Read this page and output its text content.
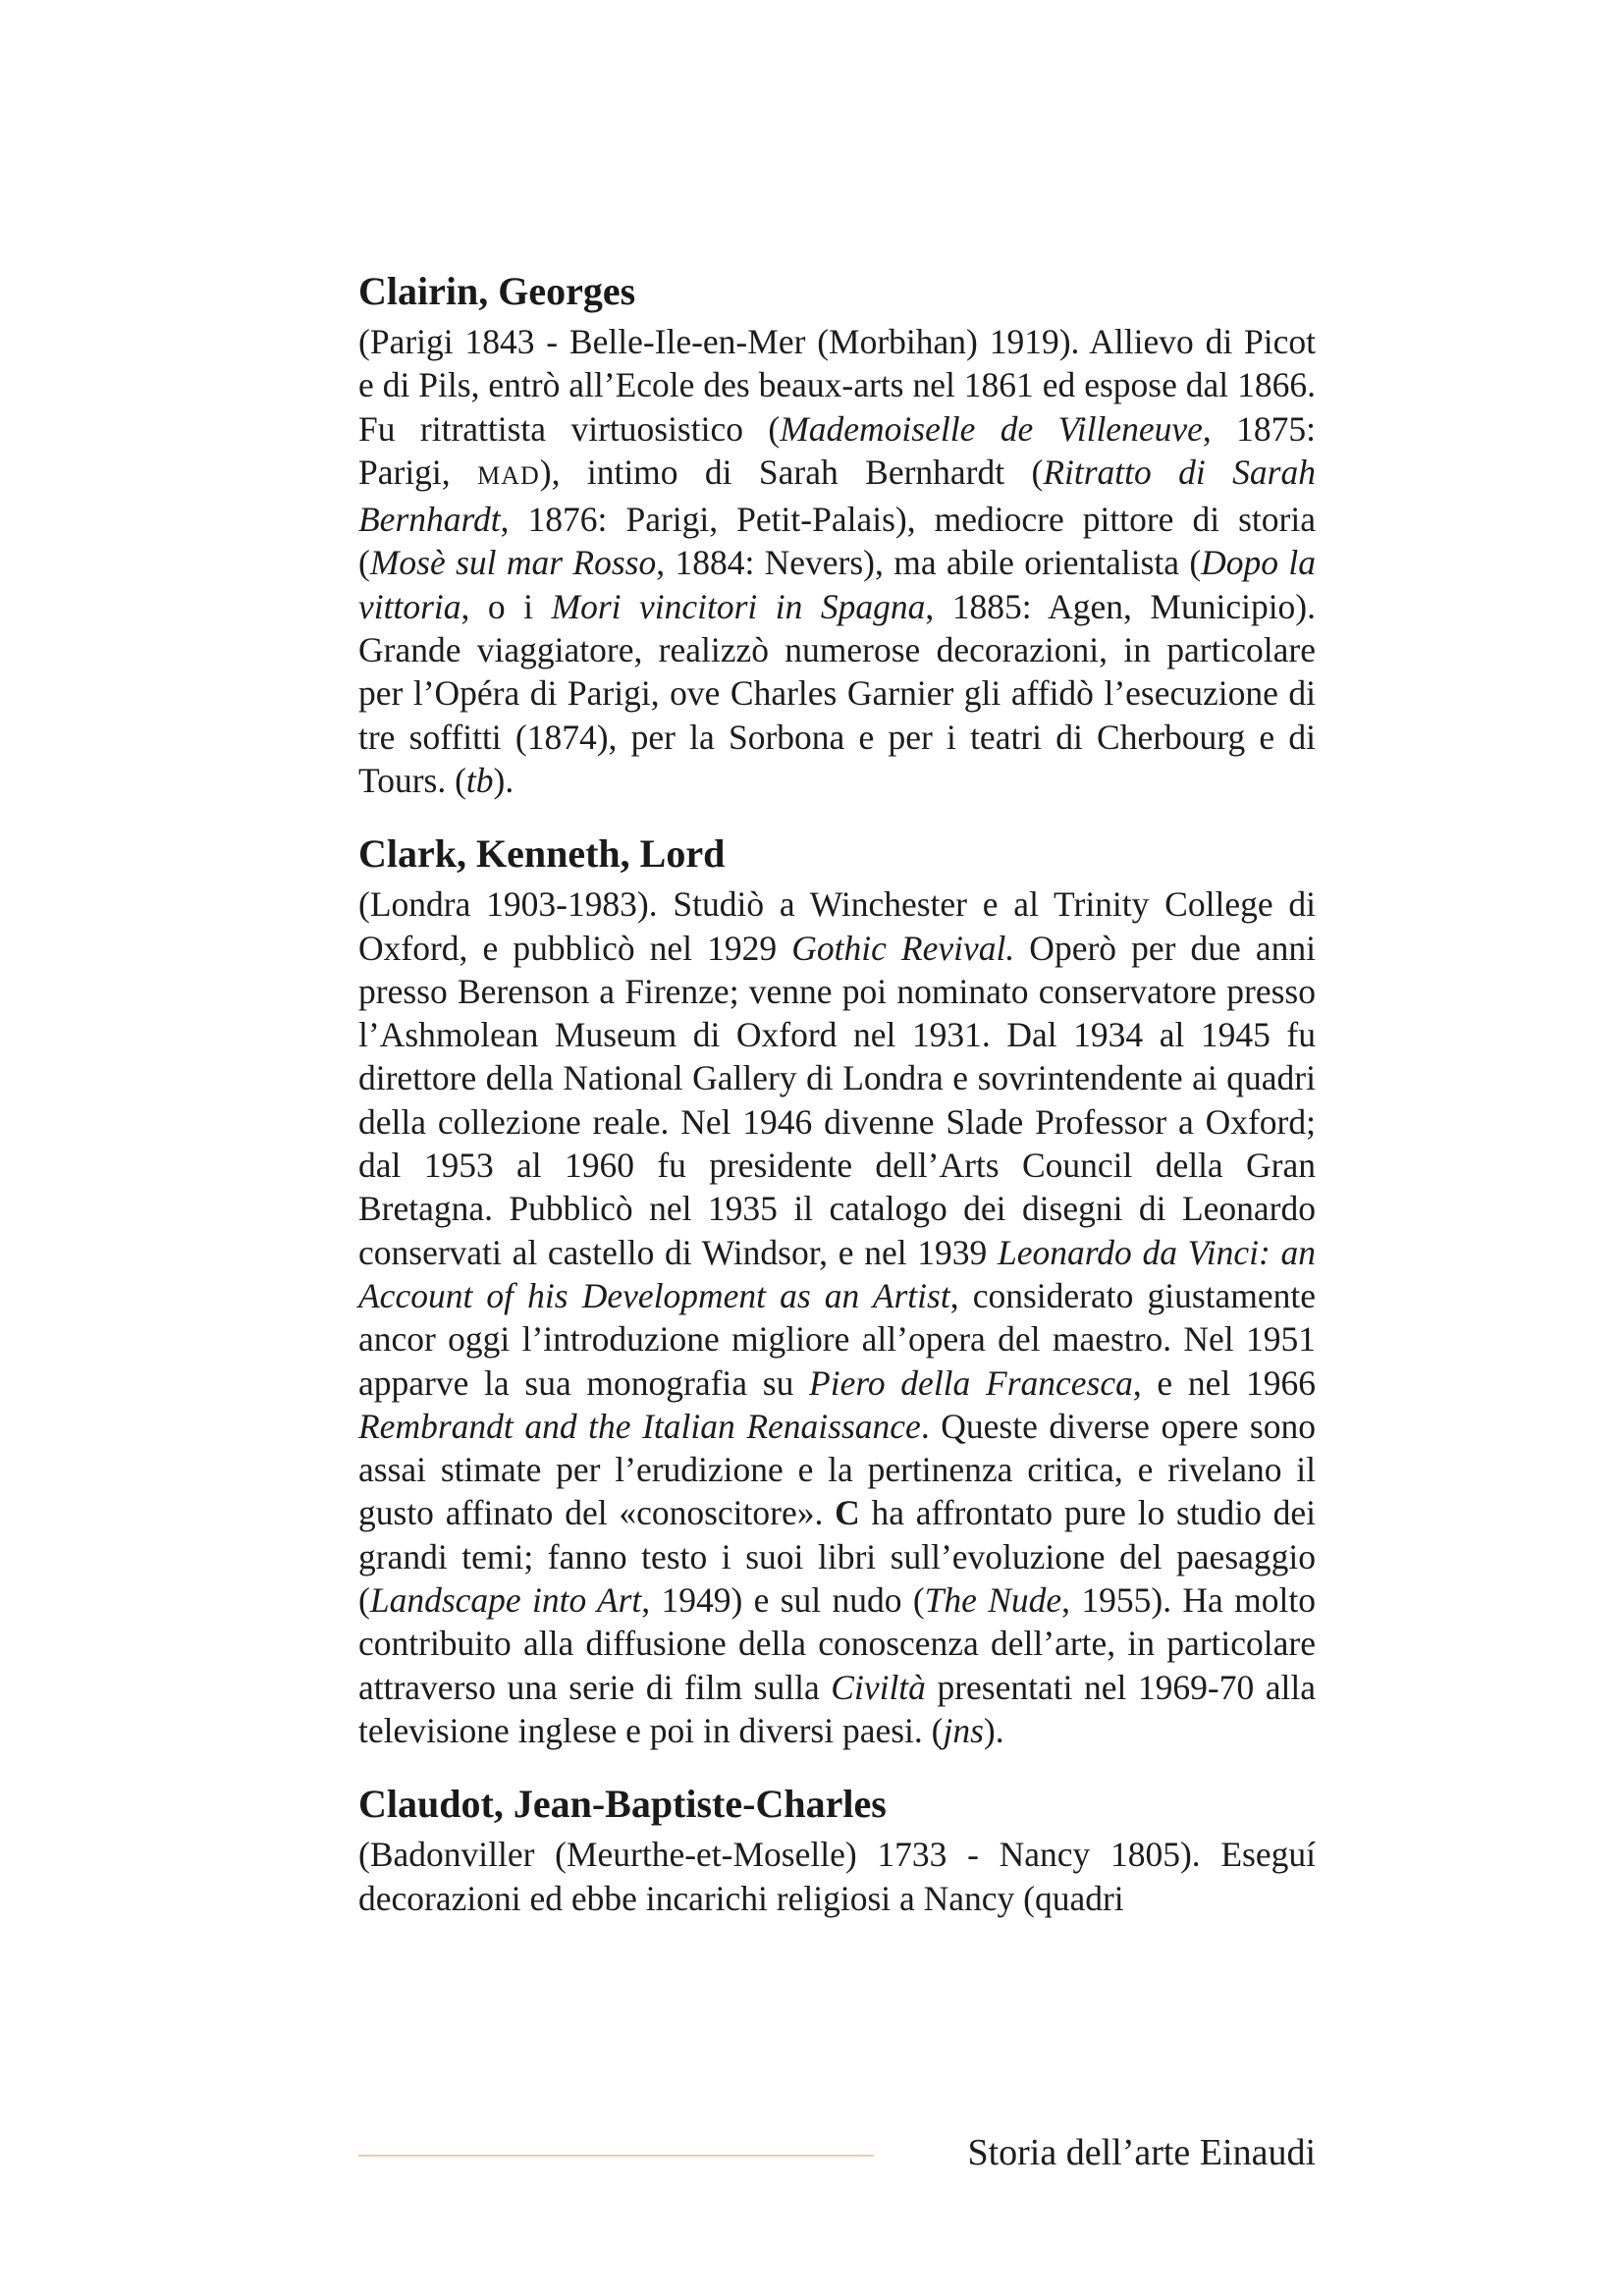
Clairin, Georges

(Parigi 1843 - Belle-Ile-en-Mer (Morbihan) 1919). Allievo di Picot e di Pils, entrò all’Ecole des beaux-arts nel 1861 ed espose dal 1866. Fu ritrattista virtuosistico (Mademoiselle de Villeneuve, 1875: Parigi, MAD), intimo di Sarah Bernhardt (Ritratto di Sarah Bernhardt, 1876: Parigi, Petit-Palais), mediocre pittore di storia (Mosè sul mar Rosso, 1884: Nevers), ma abile orientalista (Dopo la vittoria, o i Mori vincitori in Spagna, 1885: Agen, Municipio). Grande viaggiatore, realizzò numerose decorazioni, in particolare per l’Opéra di Parigi, ove Charles Garnier gli affidò l’esecuzione di tre soffitti (1874), per la Sorbona e per i teatri di Cherbourg e di Tours. (tb).

Clark, Kenneth, Lord

(Londra 1903-1983). Studiò a Winchester e al Trinity College di Oxford, e pubblicò nel 1929 Gothic Revival. Operò per due anni presso Berenson a Firenze; venne poi nominato conservatore presso l’Ashmolean Museum di Oxford nel 1931. Dal 1934 al 1945 fu direttore della National Gallery di Londra e sovrintendente ai quadri della collezione reale. Nel 1946 divenne Slade Professor a Oxford; dal 1953 al 1960 fu presidente dell’Arts Council della Gran Bretagna. Pubblicò nel 1935 il catalogo dei disegni di Leonardo conservati al castello di Windsor, e nel 1939 Leonardo da Vinci: an Account of his Development as an Artist, considerato giustamente ancor oggi l’introduzione migliore all’opera del maestro. Nel 1951 apparve la sua monografia su Piero della Francesca, e nel 1966 Rembrandt and the Italian Renaissance. Queste diverse opere sono assai stimate per l’erudizione e la pertinenza critica, e rivelano il gusto affinato del «conoscitore». C ha affrontato pure lo studio dei grandi temi; fanno testo i suoi libri sull’evoluzione del paesaggio (Landscape into Art, 1949) e sul nudo (The Nude, 1955). Ha molto contribuito alla diffusione della conoscenza dell’arte, in particolare attraverso una serie di film sulla Civiltà presentati nel 1969-70 alla televisione inglese e poi in diversi paesi. (jns).

Claudot, Jean-Baptiste-Charles

(Badonviller (Meurthe-et-Moselle) 1733 - Nancy 1805). Eseguí decorazioni ed ebbe incarichi religiosi a Nancy (quadri

Storia dell’arte Einaudi
